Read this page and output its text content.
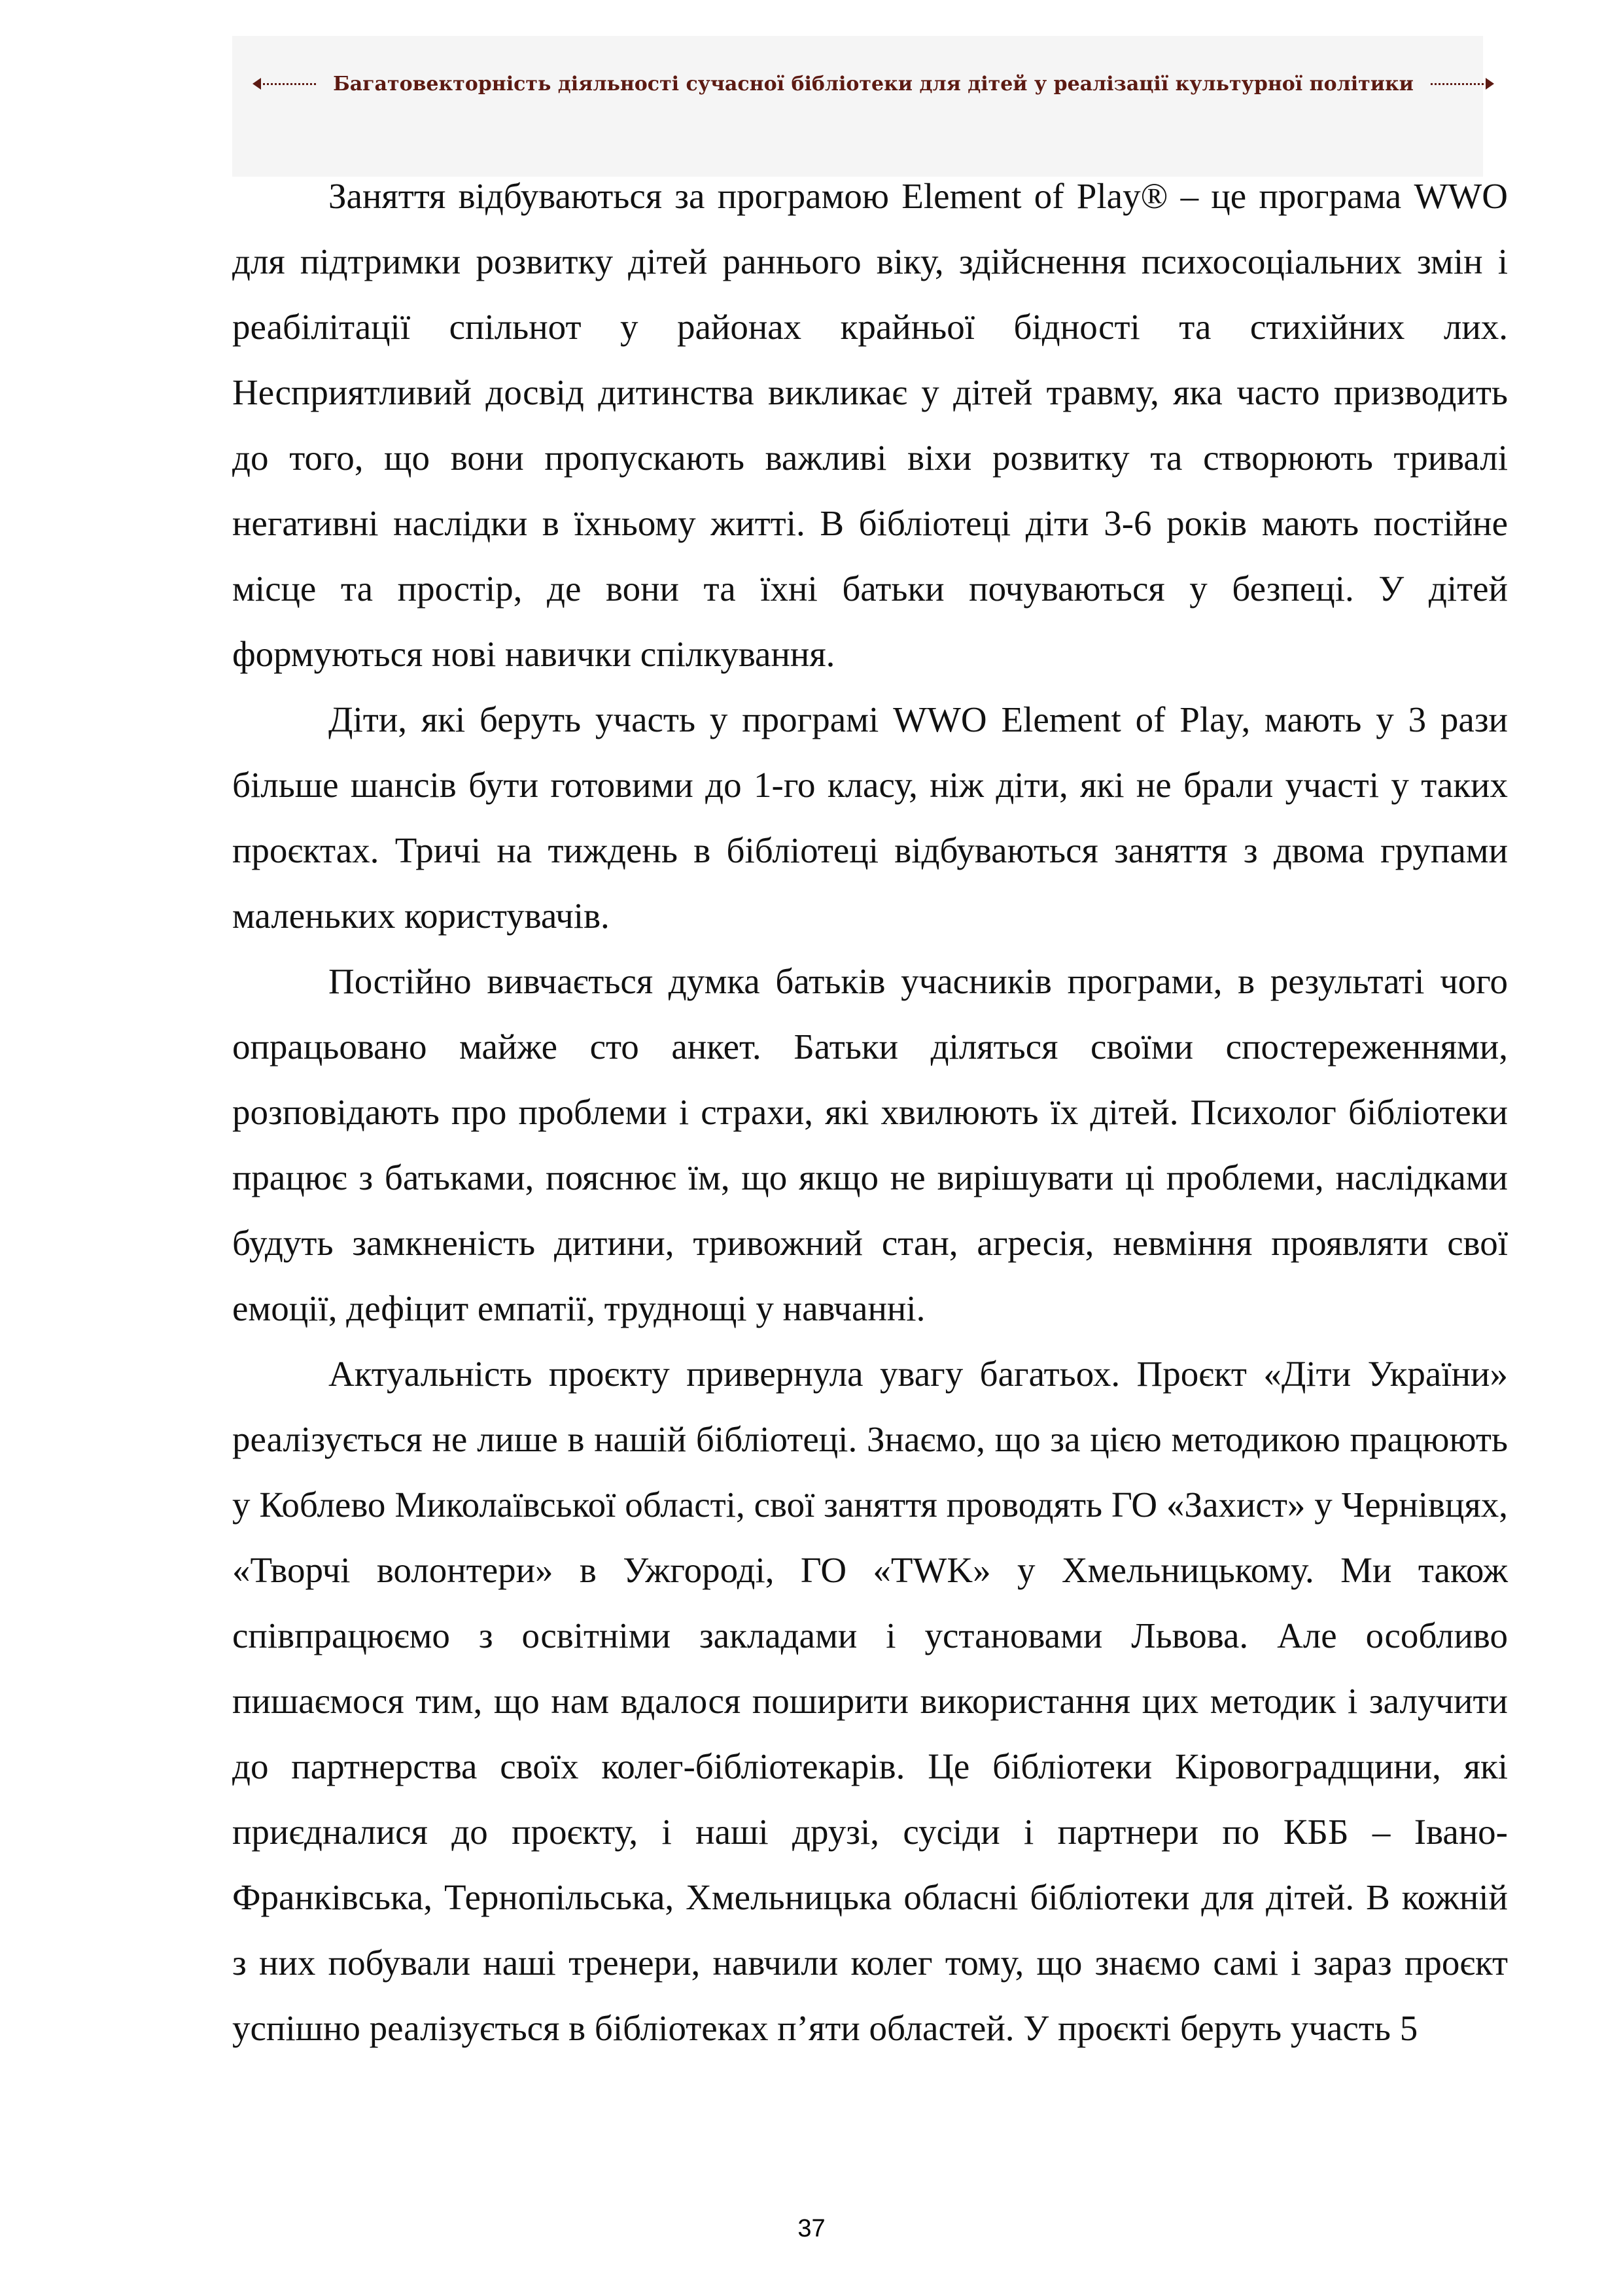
Багатовекторність діяльності сучасної бібліотеки для дітей у реалізації культурної політики

Заняття відбуваються за програмою Element of Play® – це програма WWO для підтримки розвитку дітей раннього віку, здійснення психосоціальних змін і реабілітації спільнот у районах крайньої бідності та стихійних лих. Несприятливий досвід дитинства викликає у дітей травму, яка часто призводить до того, що вони пропускають важливі віхи розвитку та створюють тривалі негативні наслідки в їхньому житті. В бібліотеці діти 3-6 років мають постійне місце та простір, де вони та їхні батьки почуваються у безпеці. У дітей формуються нові навички спілкування.

Діти, які беруть участь у програмі WWO Element of Play, мають у 3 рази більше шансів бути готовими до 1-го класу, ніж діти, які не брали участі у таких проєктах. Тричі на тиждень в бібліотеці відбуваються заняття з двома групами маленьких користувачів.

Постійно вивчається думка батьків учасників програми, в результаті чого опрацьовано майже сто анкет. Батьки діляться своїми спостереженнями, розповідають про проблеми і страхи, які хвилюють їх дітей. Психолог бібліотеки працює з батьками, пояснює їм, що якщо не вирішувати ці проблеми, наслідками будуть замкненість дитини, тривожний стан, агресія, невміння проявляти свої емоції, дефіцит емпатії, труднощі у навчанні.

Актуальність проєкту привернула увагу багатьох. Проєкт «Діти України» реалізується не лише в нашій бібліотеці. Знаємо, що за цією методикою працюють у Коблево Миколаївської області, свої заняття проводять ГО «Захист» у Чернівцях, «Творчі волонтери» в Ужгороді, ГО «TWK» у Хмельницькому. Ми також співпрацюємо з освітніми закладами і установами Львова. Але особливо пишаємося тим, що нам вдалося поширити використання цих методик і залучити до партнерства своїх колег-бібліотекарів. Це бібліотеки Кіровоградщини, які приєдналися до проєкту, і наші друзі, сусіди і партнери по КББ – Івано-Франківська, Тернопільська, Хмельницька обласні бібліотеки для дітей. В кожній з них побували наші тренери, навчили колег тому, що знаємо самі і зараз проєкт успішно реалізується в бібліотеках п’яти областей. У проєкті беруть участь 5

37
